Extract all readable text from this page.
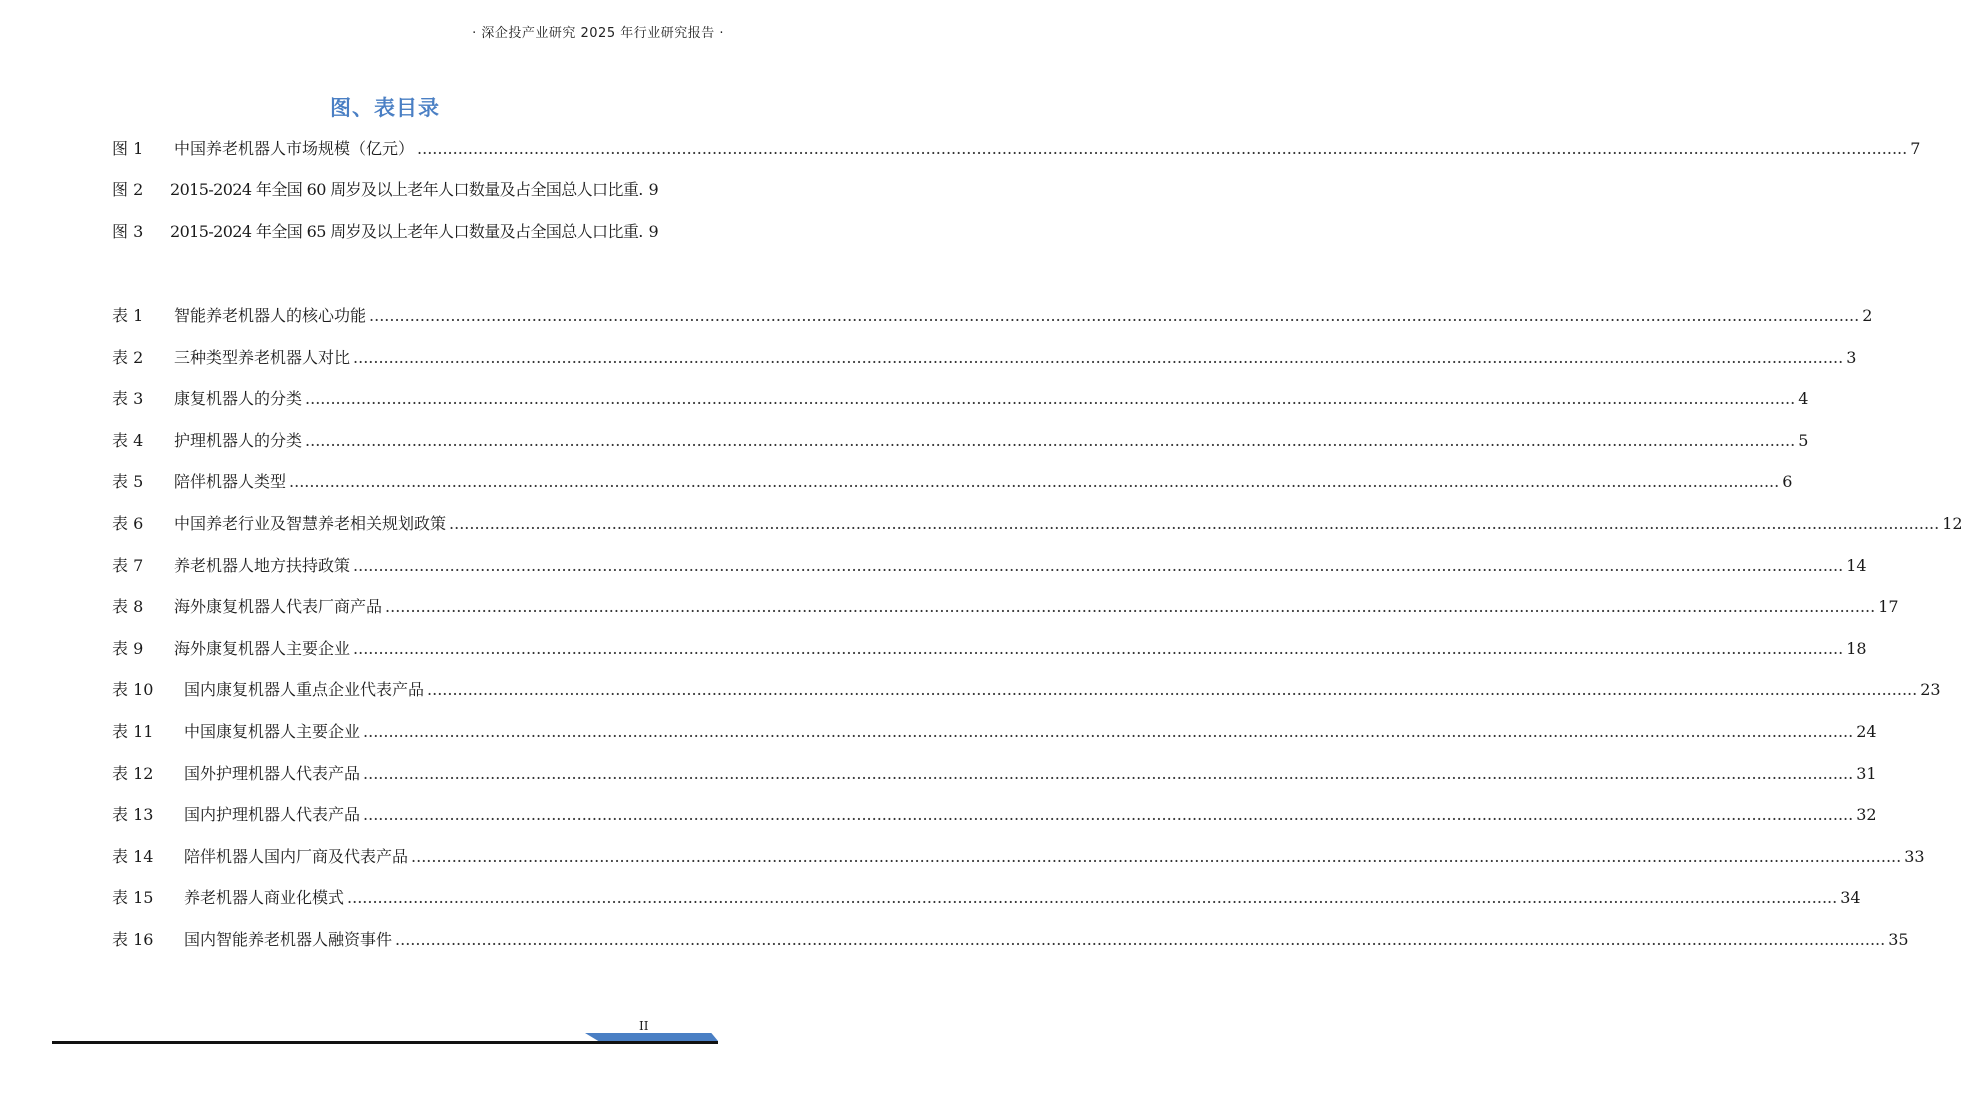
· 深企投产业研究 2025 年行业研究报告 ·
图、表目录
图 1	中国养老机器人市场规模（亿元） .....	7
图 2	2015-2024 年全国 60 周岁及以上老年人口数量及占全国总人口比重 . 9
图 3	2015-2024 年全国 65 周岁及以上老年人口数量及占全国总人口比重 . 9
表 1	智能养老机器人的核心功能 .....	2
表 2	三种类型养老机器人对比 .....	3
表 3	康复机器人的分类 .....	4
表 4	护理机器人的分类 .....	5
表 5	陪伴机器人类型 .....	6
表 6	中国养老行业及智慧养老相关规划政策 .....	12
表 7	养老机器人地方扶持政策 .....	14
表 8	海外康复机器人代表厂商产品 .....	17
表 9	海外康复机器人主要企业 .....	18
表 10	国内康复机器人重点企业代表产品 .....	23
表 11	中国康复机器人主要企业 .....	24
表 12	国外护理机器人代表产品 .....	31
表 13	国内护理机器人代表产品 .....	32
表 14	陪伴机器人国内厂商及代表产品 .....	33
表 15	养老机器人商业化模式 .....	34
表 16	国内智能养老机器人融资事件 .....	35
II
